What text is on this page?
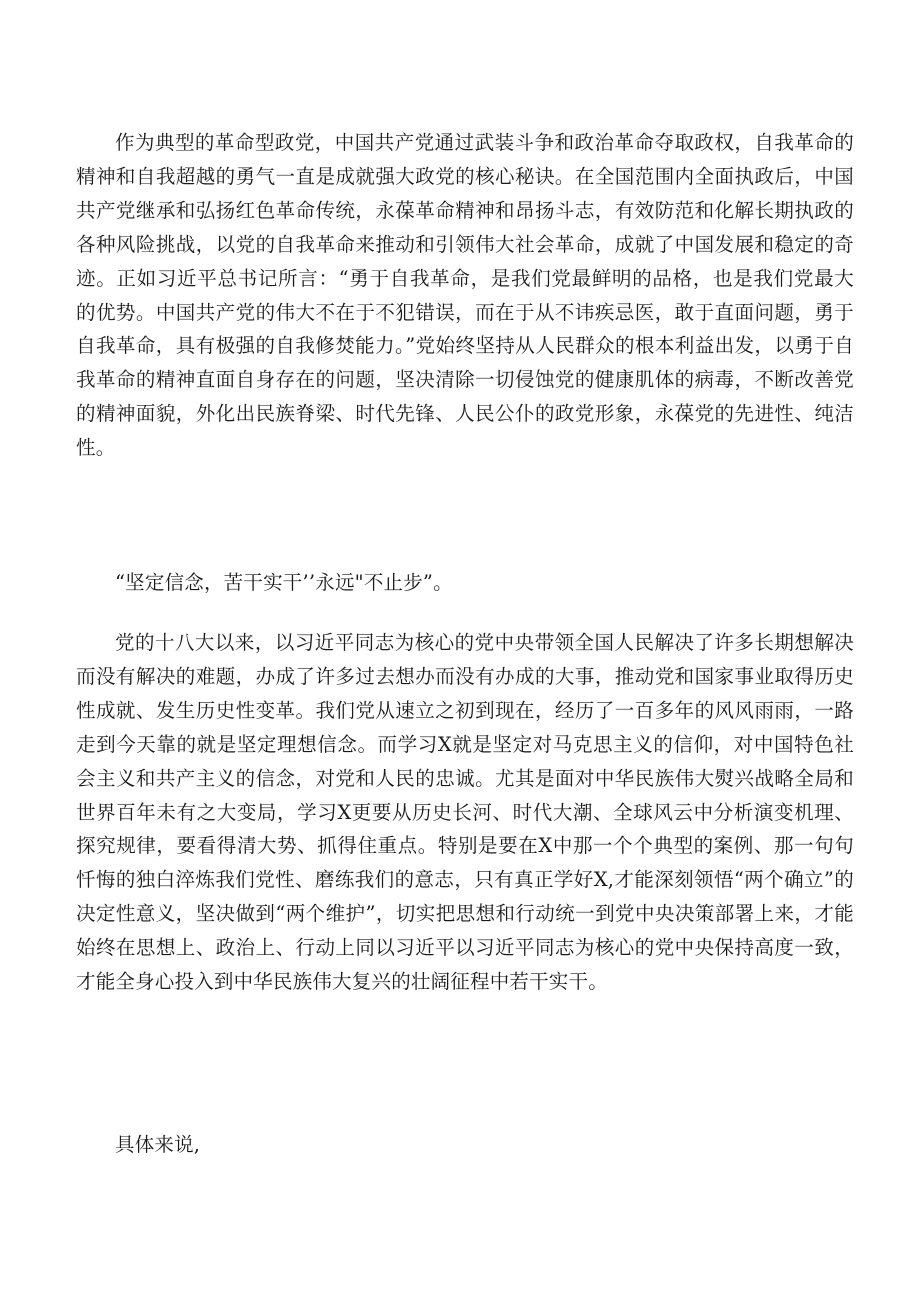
作为典型的革命型政党，中国共产党通过武装斗争和政治革命夺取政权，自我革命的精神和自我超越的勇气一直是成就强大政党的核心秘诀。在全国范围内全面执政后，中国共产党继承和弘扬红色革命传统，永葆革命精神和昂扬斗志，有效防范和化解长期执政的各种风险挑战，以党的自我革命来推动和引领伟大社会革命，成就了中国发展和稳定的奇迹。正如习近平总书记所言：“勇于自我革命，是我们党最鲜明的品格，也是我们党最大的优势。中国共产党的伟大不在于不犯错误，而在于从不讳疾忌医，敢于直面问题，勇于自我革命，具有极强的自我修焚能力。”党始终坚持从人民群众的根本利益出发，以勇于自我革命的精神直面自身存在的问题，坚决清除一切侵蚀党的健康肌体的病毒，不断改善党的精神面貌，外化出民族脊梁、时代先锋、人民公仆的政党形象，永葆党的先进性、纯洁性。

“坚定信念，苦干实干’’永远"不止步”。

党的十八大以来，以习近平同志为核心的党中央带领全国人民解决了许多长期想解决而没有解决的难题，办成了许多过去想办而没有办成的大事，推动党和国家事业取得历史性成就、发生历史性变革。我们党从速立之初到现在，经历了一百多年的风风雨雨，一路走到今天靠的就是坚定理想信念。而学习X就是坚定对马克思主义的信仰，对中国特色社会主义和共产主义的信念，对党和人民的忠诚。尤其是面对中华民族伟大熨兴战略全局和世界百年未有之大变局，学习X更要从历史长河、时代大潮、全球风云中分析演变机理、探究规律，要看得清大势、抓得住重点。特别是要在X中那一个个典型的案例、那一句句忏悔的独白淬炼我们党性、磨练我们的意志，只有真正学好X,才能深刻领悟“两个确立”的决定性意义，坚决做到“两个维护”，切实把思想和行动统一到党中央决策部署上来，才能始终在思想上、政治上、行动上同以习近平以习近平同志为核心的党中央保持高度一致，才能全身心投入到中华民族伟大复兴的壮阔征程中若干实干。

具体来说,
